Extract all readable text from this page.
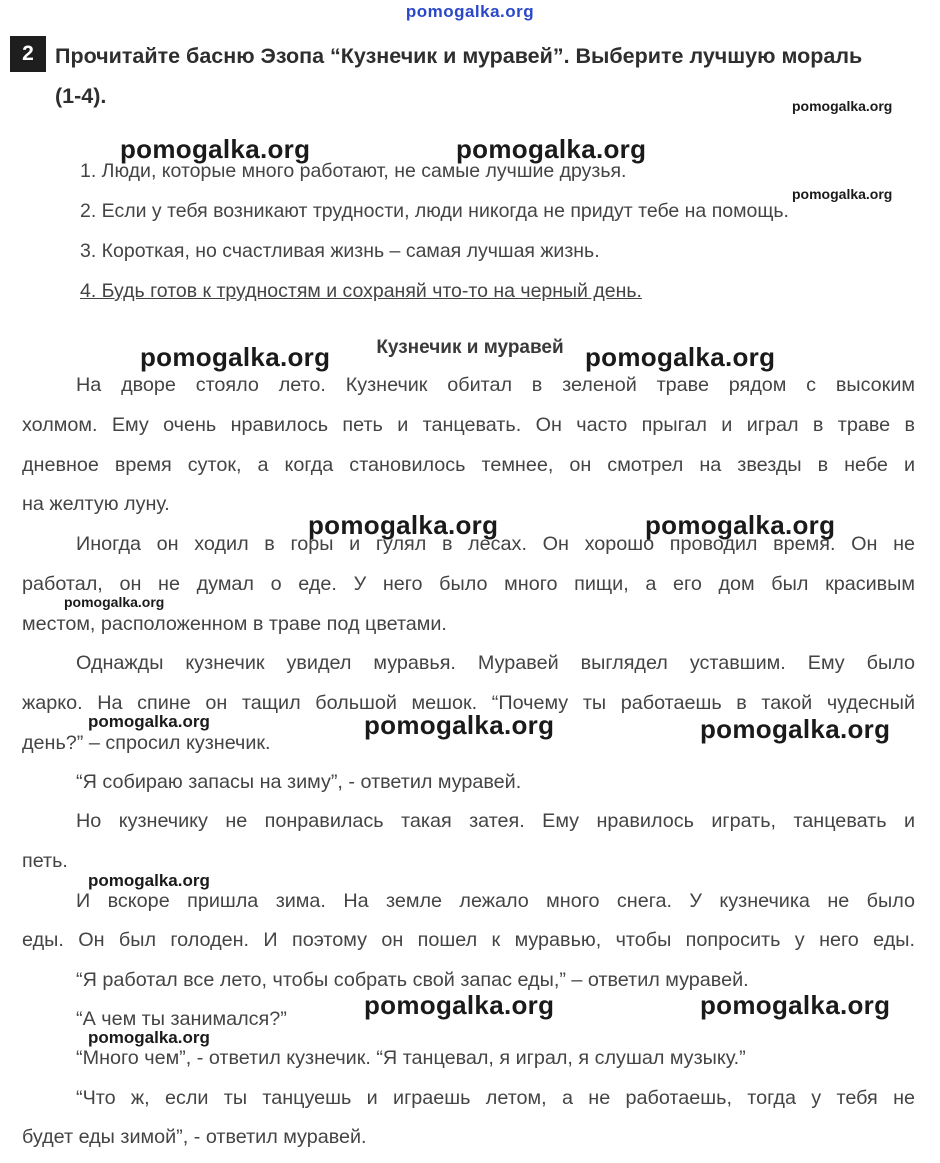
pomogalka.org
2 Прочитайте басню Эзопа “Кузнечик и муравей”. Выберите лучшую мораль
(1-4).
1. Люди, которые много работают, не самые лучшие друзья.
2. Если у тебя возникают трудности, люди никогда не придут тебе на помощь.
3. Короткая, но счастливая жизнь – самая лучшая жизнь.
4. Будь готов к трудностям и сохраняй что-то на черный день.
Кузнечик и муравей
На дворе стояло лето. Кузнечик обитал в зеленой траве рядом с высоким
холмом. Ему очень нравилось петь и танцевать. Он часто прыгал и играл в траве в
дневное время суток, а когда становилось темнее, он смотрел на звезды в небе и
на желтую луну.
Иногда он ходил в горы и гулял в лесах. Он хорошо проводил время. Он не
работал, он не думал о еде. У него было много пищи, а его дом был красивым
местом, расположенном в траве под цветами.
Однажды кузнечик увидел муравья. Муравей выглядел уставшим. Ему было
жарко. На спине он тащил большой мешок. “Почему ты работаешь в такой чудесный
день?” – спросил кузнечик.
“Я собираю запасы на зиму”, - ответил муравей.
Но кузнечику не понравилась такая затея. Ему нравилось играть, танцевать и
петь.
И вскоре пришла зима. На земле лежало много снега. У кузнечика не было
еды. Он был голоден. И поэтому он пошел к муравью, чтобы попросить у него еды.
“Я работал все лето, чтобы собрать свой запас еды,” – ответил муравей.
“А чем ты занимался?”
“Много чем”, - ответил кузнечик. “Я танцевал, я играл, я слушал музыку.”
“Что ж, если ты танцуешь и играешь летом, а не работаешь, тогда у тебя не
будет еды зимой”, - ответил муравей.
pomogalka.org
pomogalka.org	pomogalka.org
pomogalka.org
pomogalka.org	pomogalka.org
pomogalka.org	pomogalka.org
pomogalka.org
pomogalka.org	pomogalka.org	pomogalka.org
pomogalka.org
pomogalka.org	pomogalka.org
pomogalka.org
